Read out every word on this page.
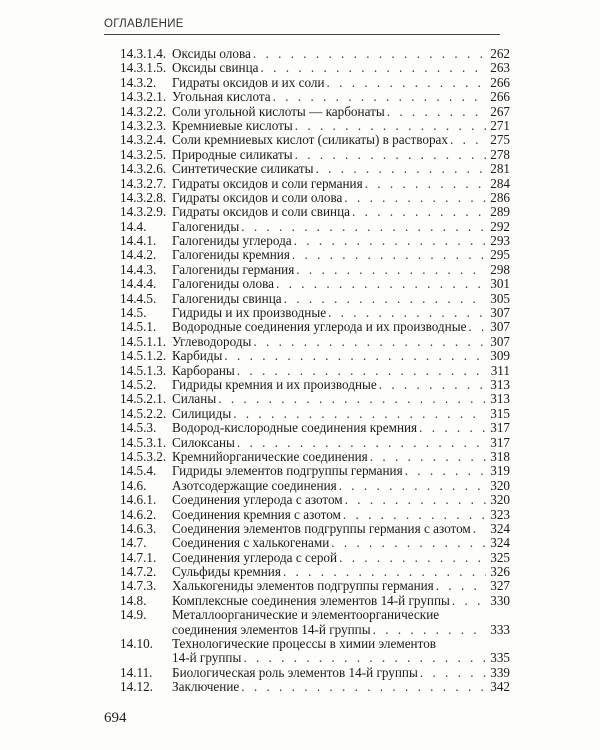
ОГЛАВЛЕНИЕ
14.3.1.4. Оксиды олова . . .	262
14.3.1.5. Оксиды свинца . . .	263
14.3.2. Гидраты оксидов и их соли . . .	266
14.3.2.1. Угольная кислота . . .	266
14.3.2.2. Соли угольной кислоты — карбонаты . . .	267
14.3.2.3. Кремниевые кислоты . . .	271
14.3.2.4. Соли кремниевых кислот (силикаты) в растворах . . .	275
14.3.2.5. Природные силикаты . . .	278
14.3.2.6. Синтетические силикаты . . .	281
14.3.2.7. Гидраты оксидов и соли германия . . .	284
14.3.2.8. Гидраты оксидов и соли олова . . .	286
14.3.2.9. Гидраты оксидов и соли свинца . . .	289
14.4. Галогениды . . .	292
14.4.1. Галогениды углерода . . .	293
14.4.2. Галогениды кремния . . .	295
14.4.3. Галогениды германия . . .	298
14.4.4. Галогениды олова . . .	301
14.4.5. Галогениды свинца . . .	305
14.5. Гидриды и их производные . . .	307
14.5.1. Водородные соединения углерода и их производные . . . 307
14.5.1.1. Углеводороды . . .	307
14.5.1.2. Карбиды . . .	309
14.5.1.3. Карбораны . . .	311
14.5.2. Гидриды кремния и их производные . . .	313
14.5.2.1. Силаны . . .	313
14.5.2.2. Силициды . . .	315
14.5.3. Водород-кислородные соединения кремния . . .	317
14.5.3.1. Силоксаны . . .	317
14.5.3.2. Кремнийорганические соединения . . .	318
14.5.4. Гидриды элементов подгруппы германия . . .	319
14.6. Азотсодержащие соединения . . .	320
14.6.1. Соединения углерода с азотом . . .	320
14.6.2. Соединения кремния с азотом . . .	323
14.6.3. Соединения элементов подгруппы германия с азотом . . . 324
14.7. Соединения с халькогенами . . .	324
14.7.1. Соединения углерода с серой . . .	325
14.7.2. Сульфиды кремния . . .	326
14.7.3. Халькогениды элементов подгруппы германия . . .	327
14.8. Комплексные соединения элементов 14-й группы . . .	330
14.9. Металлоорганические и элементоорганические
соединения элементов 14-й группы . . .	333
14.10. Технологические процессы в химии элементов
14-й группы . . .	335
14.11. Биологическая роль элементов 14-й группы . . .	339
14.12. Заключение . . .	342
694
